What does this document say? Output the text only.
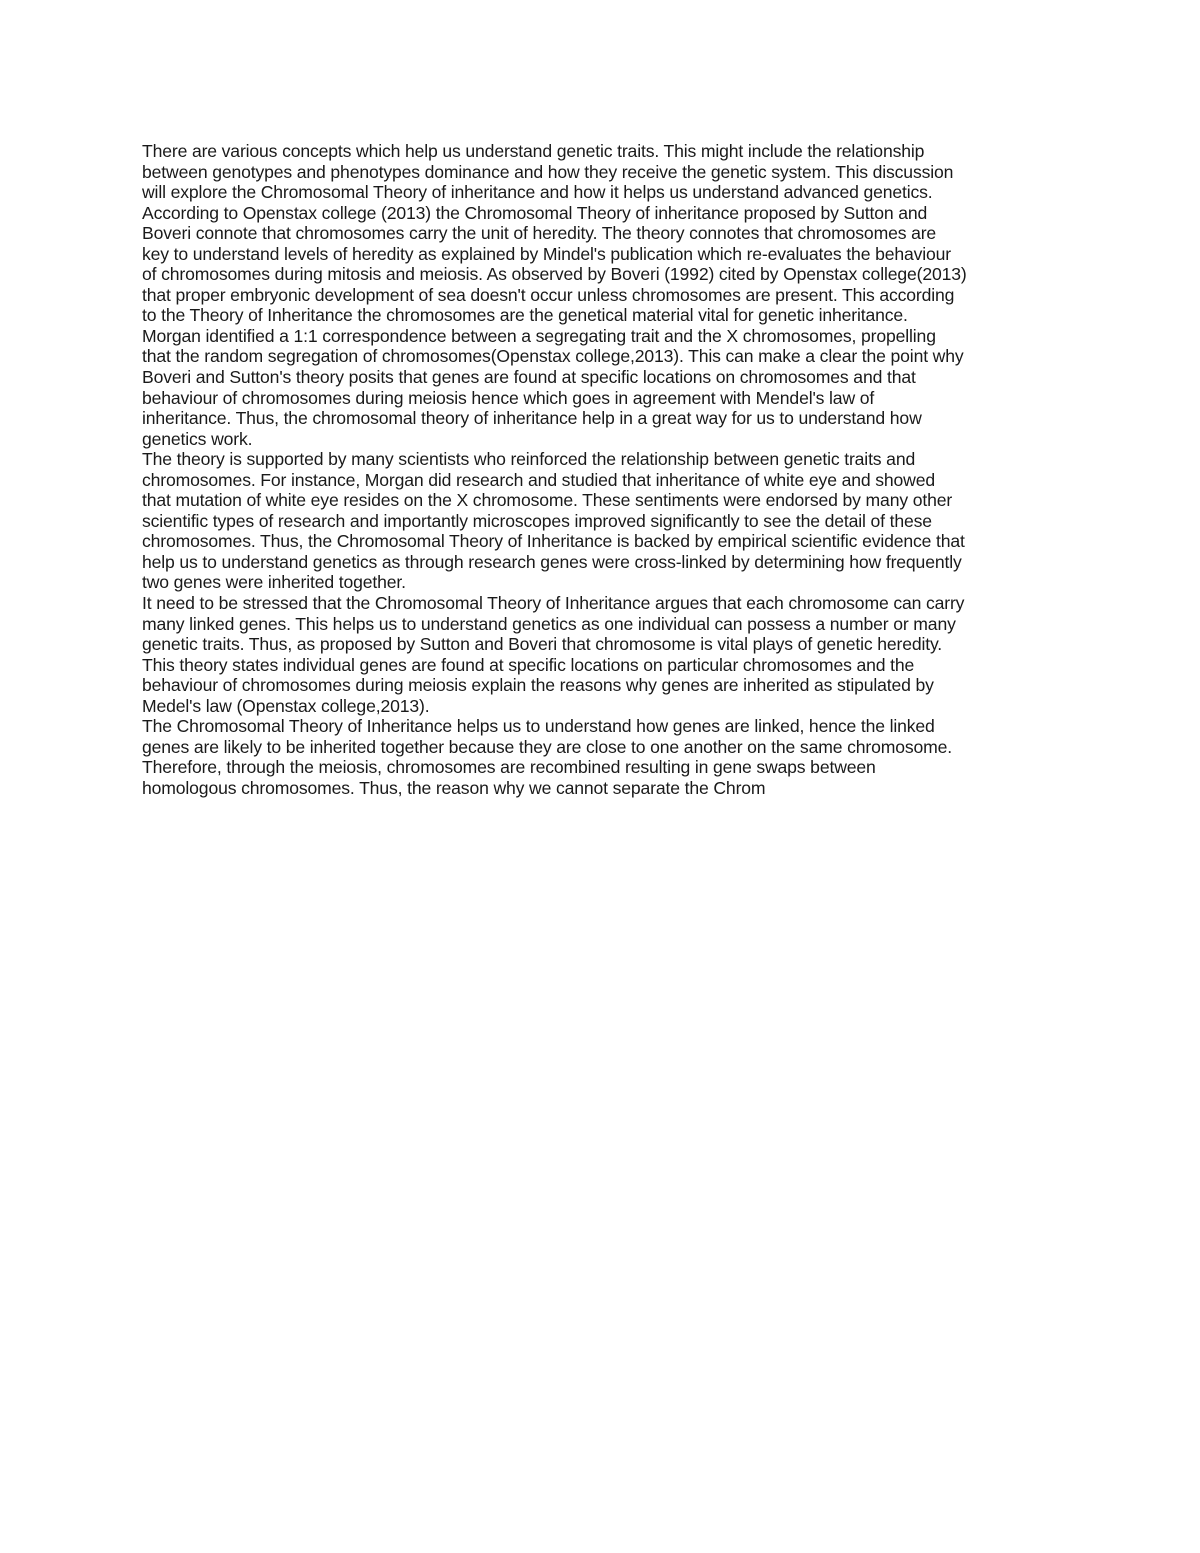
There are various concepts which help us understand genetic traits. This might include the relationship between genotypes and phenotypes dominance and how they receive the genetic system. This discussion will explore the Chromosomal Theory of inheritance and how it helps us understand advanced genetics.

According to Openstax college (2013) the Chromosomal Theory of inheritance proposed by Sutton and Boveri connote that chromosomes carry the unit of heredity. The theory connotes that chromosomes are key to understand levels of heredity as explained by Mindel's publication which re-evaluates the behaviour of chromosomes during mitosis and meiosis. As observed by Boveri (1992) cited by Openstax college(2013) that proper embryonic development of sea doesn't occur unless chromosomes are present. This according to the Theory of Inheritance the chromosomes are the genetical material vital for genetic inheritance.

Morgan identified a 1:1 correspondence between a segregating trait and the X chromosomes, propelling that the random segregation of chromosomes(Openstax college,2013). This can make a clear the point why Boveri and Sutton's theory posits that genes are found at specific locations on chromosomes and that behaviour of chromosomes during meiosis hence which goes in agreement with Mendel's law of inheritance. Thus, the chromosomal theory of inheritance help in a great way for us to understand how genetics work.

The theory is supported by many scientists who reinforced the relationship between genetic traits and chromosomes. For instance, Morgan did research and studied that inheritance of white eye and showed that mutation of white eye resides on the X chromosome. These sentiments were endorsed by many other scientific types of research and importantly microscopes improved significantly to see the detail of these chromosomes. Thus, the Chromosomal Theory of Inheritance is backed by empirical scientific evidence that help us to understand genetics as through research genes were cross-linked by determining how frequently two genes were inherited together.

It need to be stressed that the Chromosomal Theory of Inheritance argues that each chromosome can carry many linked genes. This helps us to understand genetics as one individual can possess a number or many genetic traits. Thus, as proposed by Sutton and Boveri that chromosome is vital plays of genetic heredity. This theory states individual genes are found at specific locations on particular chromosomes and the behaviour of chromosomes during meiosis explain the reasons why genes are inherited as stipulated by Medel's law (Openstax college,2013).

The Chromosomal Theory of Inheritance helps us to understand how genes are linked, hence the linked genes are likely to be inherited together because they are close to one another on the same chromosome. Therefore, through the meiosis, chromosomes are recombined resulting in gene swaps between homologous chromosomes. Thus, the reason why we cannot separate the Chrom
